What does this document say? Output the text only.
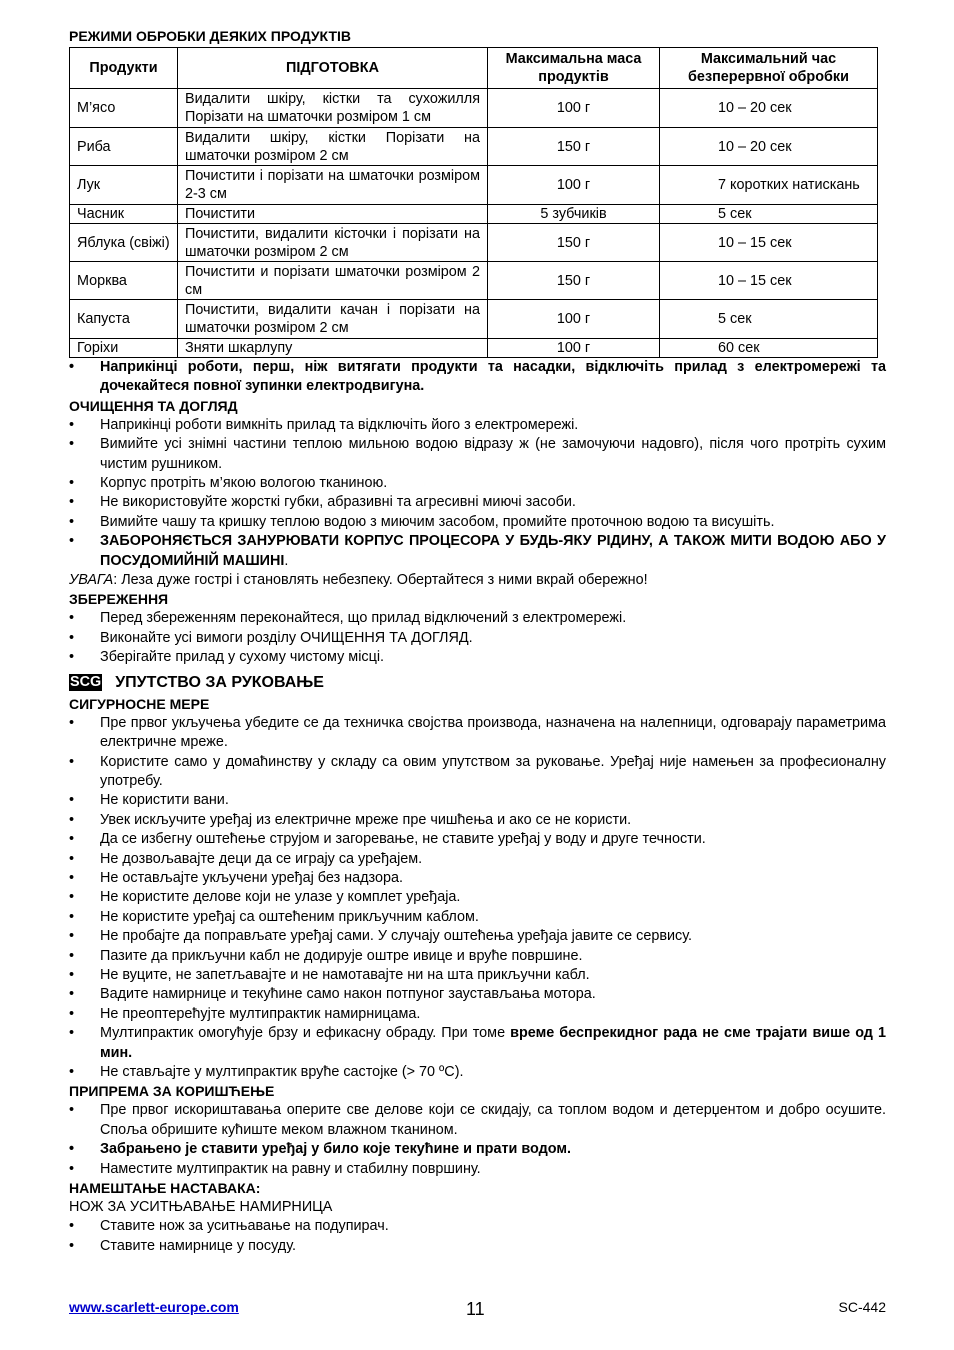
РЕЖИМИ ОБРОБКИ ДЕЯКИХ ПРОДУКТІВ
Продукти	ПІДГОТОВКА	Максимальна маса продуктів	Максимальний час безперервної обробки
М’ясо	Видалити шкіру, кістки та сухожилля Порізати на шматочки розміром 1 см	100 г	10 – 20 сек
Риба	Видалити шкіру, кістки Порізати на шматочки розміром 2 см	150 г	10 – 20 сек
Лук	Почистити і порізати на шматочки розміром 2-3 см	100 г	7 коротких натискань
Часник	Почистити	5 зубчиків	5 сек
Яблука (свіжі)	Почистити, видалити кісточки і порізати на шматочки розміром 2 см	150 г	10 – 15 сек
Морква	Почистити и порізати шматочки розміром 2 см	150 г	10 – 15 сек
Капуста	Почистити, видалити качан і порізати на шматочки розміром 2 см	100 г	5 сек
Горіхи	Зняти шкарлупу	100 г	60 сек
• Наприкінці роботи, перш, ніж витягати продукти та насадки, відключіть прилад з електромережі та дочекайтеся повної зупинки електродвигуна.
ОЧИЩЕННЯ ТА ДОГЛЯД
• Наприкінці роботи вимкніть прилад та відключіть його з електромережі.
• Вимийте усі знімні частини теплою мильною водою відразу ж (не замочуючи надовго), після чого протріть сухим чистим рушником.
• Корпус протріть м’якою вологою тканиною.
• Не використовуйте жорсткі губки, абразивні та агресивні миючі засоби.
• Вимийте чашу та кришку теплою водою з миючим засобом, промийте проточною водою та висушіть.
• ЗАБОРОНЯЄТЬСЯ ЗАНУРЮВАТИ КОРПУС ПРОЦЕСОРА У БУДЬ-ЯКУ РІДИНУ, А ТАКОЖ МИТИ ВОДОЮ АБО У ПОСУДОМИЙНІЙ МАШИНІ.
УВАГА: Леза дуже гострі і становлять небезпеку. Обертайтеся з ними вкрай обережно!
ЗБЕРЕЖЕННЯ
• Перед збереженням переконайтеся, що прилад відключений з електромережі.
• Виконайте усі вимоги розділу ОЧИЩЕННЯ ТА ДОГЛЯД.
• Зберігайте прилад у сухому чистому місці.
SCG УПУТСТВО ЗА РУКОВАЊЕ
СИГУРНОСНЕ МЕРЕ
• Пре првог укључења убедите се да техничка својства производа, назначена на налепници, одговарају параметрима електричне мреже.
• Користите само у домаћинству у складу са овим упутством за руковање. Уређај није намењен за професионалну употребу.
• Не користити вани.
• Увек искључите уређај из електричне мреже пре чишћења и ако се не користи.
• Да се избегну оштећење струјом и загоревање, не ставите уређај у воду и друге течности.
• Не дозвољавајте деци да се играју са уређајем.
• Не остављајте укључени уређај без надзора.
• Не користите делове који не улазе у комплет уређаја.
• Не користите уређај са оштећеним прикључним каблом.
• Не пробајте да поправљате уређај сами. У случају оштећења уређаја јавите се сервису.
• Пазите да прикључни кабл не додирује оштре ивице и вруће површине.
• Не вуците, не запетљавајте и не намотавајте ни на шта прикључни кабл.
• Вадите намирнице и текућине само након потпуног заустављања мотора.
• Не преоптерећујте мултипрактик намирницама.
• Мултипрактик омогућује брзу и ефикасну обраду. При томе време беспрекидног рада не сме трајати више од 1 мин.
• Не стављајте у мултипрактик вруће састојке (> 70 ºC).
ПРИПРЕМА ЗА КОРИШЋЕЊЕ
• Пре првог искориштавања оперите све делове који се скидају, са топлом водом и детерџентом и добро осушите. Споља обришите кућиште меком влажном тканином.
• Забрањено је ставити уређај у било које текућине и прати водом.
• Наместите мултипрактик на равну и стабилну површину.
НАМЕШТАЊЕ НАСТАВАКА:
НОЖ ЗА УСИТЊАВАЊЕ НАМИРНИЦА
• Ставите нож за уситњавање на подупирач.
• Ставите намирнице у посуду.
www.scarlett-europe.com	11	SC-442
